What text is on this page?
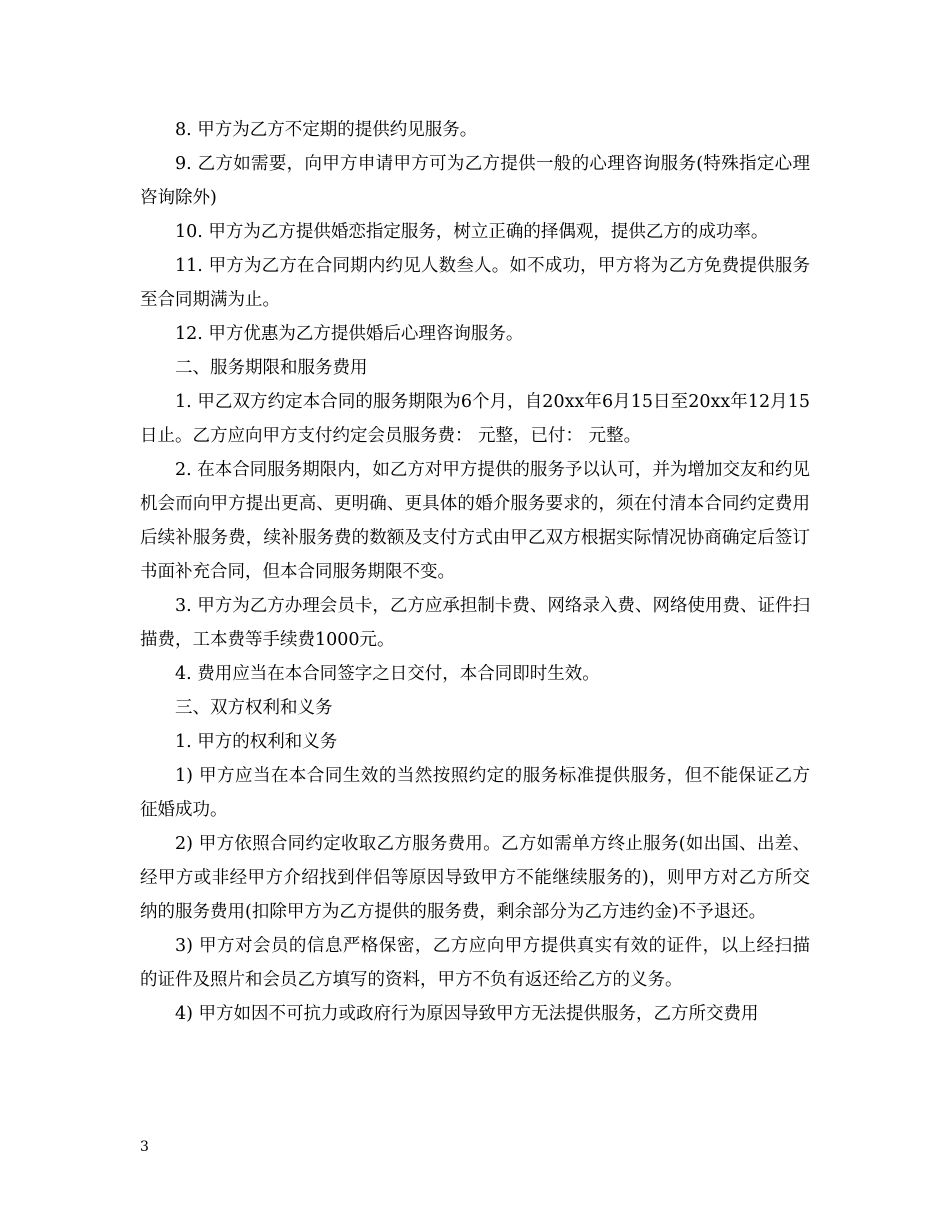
8. 甲方为乙方不定期的提供约见服务。

9. 乙方如需要，向甲方申请甲方可为乙方提供一般的心理咨询服务(特殊指定心理咨询除外)

10. 甲方为乙方提供婚恋指定服务，树立正确的择偶观，提供乙方的成功率。

11. 甲方为乙方在合同期内约见人数叁人。如不成功，甲方将为乙方免费提供服务至合同期满为止。

12. 甲方优惠为乙方提供婚后心理咨询服务。

二、服务期限和服务费用

1. 甲乙双方约定本合同的服务期限为6个月，自20xx年6月15日至20xx年12月15日止。乙方应向甲方支付约定会员服务费： 元整，已付： 元整。

2. 在本合同服务期限内，如乙方对甲方提供的服务予以认可，并为增加交友和约见机会而向甲方提出更高、更明确、更具体的婚介服务要求的，须在付清本合同约定费用后续补服务费，续补服务费的数额及支付方式由甲乙双方根据实际情况协商确定后签订书面补充合同，但本合同服务期限不变。

3. 甲方为乙方办理会员卡，乙方应承担制卡费、网络录入费、网络使用费、证件扫描费，工本费等手续费1000元。

4. 费用应当在本合同签字之日交付，本合同即时生效。

三、双方权利和义务

1. 甲方的权利和义务

1) 甲方应当在本合同生效的当然按照约定的服务标准提供服务，但不能保证乙方征婚成功。

2) 甲方依照合同约定收取乙方服务费用。乙方如需单方终止服务(如出国、出差、经甲方或非经甲方介绍找到伴侣等原因导致甲方不能继续服务的)，则甲方对乙方所交纳的服务费用(扣除甲方为乙方提供的服务费，剩余部分为乙方违约金)不予退还。

3) 甲方对会员的信息严格保密，乙方应向甲方提供真实有效的证件，以上经扫描的证件及照片和会员乙方填写的资料，甲方不负有返还给乙方的义务。

4) 甲方如因不可抗力或政府行为原因导致甲方无法提供服务，乙方所交费用

3
